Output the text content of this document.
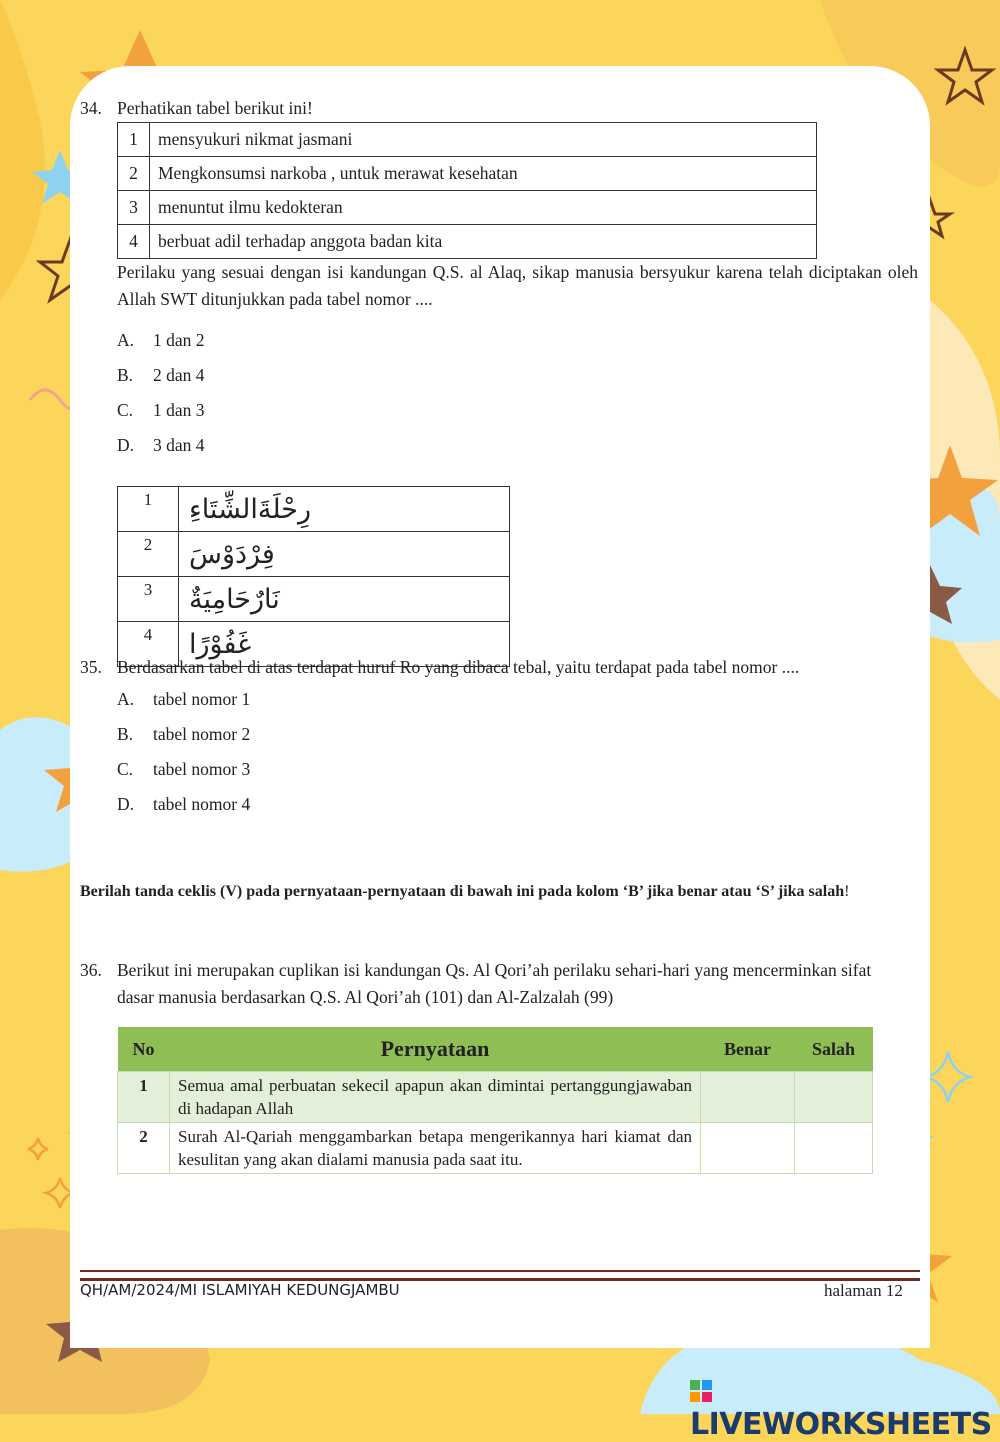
34. Perhatikan tabel berikut ini!
1	mensyukuri nikmat jasmani
2	Mengkonsumsi narkoba , untuk merawat kesehatan
3	menuntut ilmu kedokteran
4	berbuat adil terhadap anggota badan kita
Perilaku yang sesuai dengan isi kandungan Q.S. al Alaq, sikap manusia bersyukur karena telah diciptakan oleh Allah SWT ditunjukkan pada tabel nomor ....
A. 1 dan 2
B. 2 dan 4
C. 1 dan 3
D. 3 dan 4
1	رِحْلَةَالشِّتَاءِ
2	فِرْدَوْسَ
3	نَارٌحَامِيَةٌ
4	غَفُوْرًا
35. Berdasarkan tabel di atas terdapat huruf Ro yang dibaca tebal, yaitu terdapat pada tabel nomor ....
A. tabel nomor 1
B. tabel nomor 2
C. tabel nomor 3
D. tabel nomor 4
Berilah tanda ceklis (V) pada pernyataan-pernyataan di bawah ini pada kolom ‘B’ jika benar atau ‘S’ jika salah!
36. Berikut ini merupakan cuplikan isi kandungan Qs. Al Qori’ah perilaku sehari-hari yang mencerminkan sifat dasar manusia berdasarkan Q.S. Al Qori’ah (101) dan Al-Zalzalah (99)
No	Pernyataan	Benar	Salah
1	Semua amal perbuatan sekecil apapun akan dimintai pertanggungjawaban di hadapan Allah		
2	Surah Al-Qariah menggambarkan betapa mengerikannya hari kiamat dan kesulitan yang akan dialami manusia pada saat itu.		
QH/AM/2024/MI ISLAMIYAH KEDUNGJAMBU	halaman 12
LIVEWORKSHEETS
